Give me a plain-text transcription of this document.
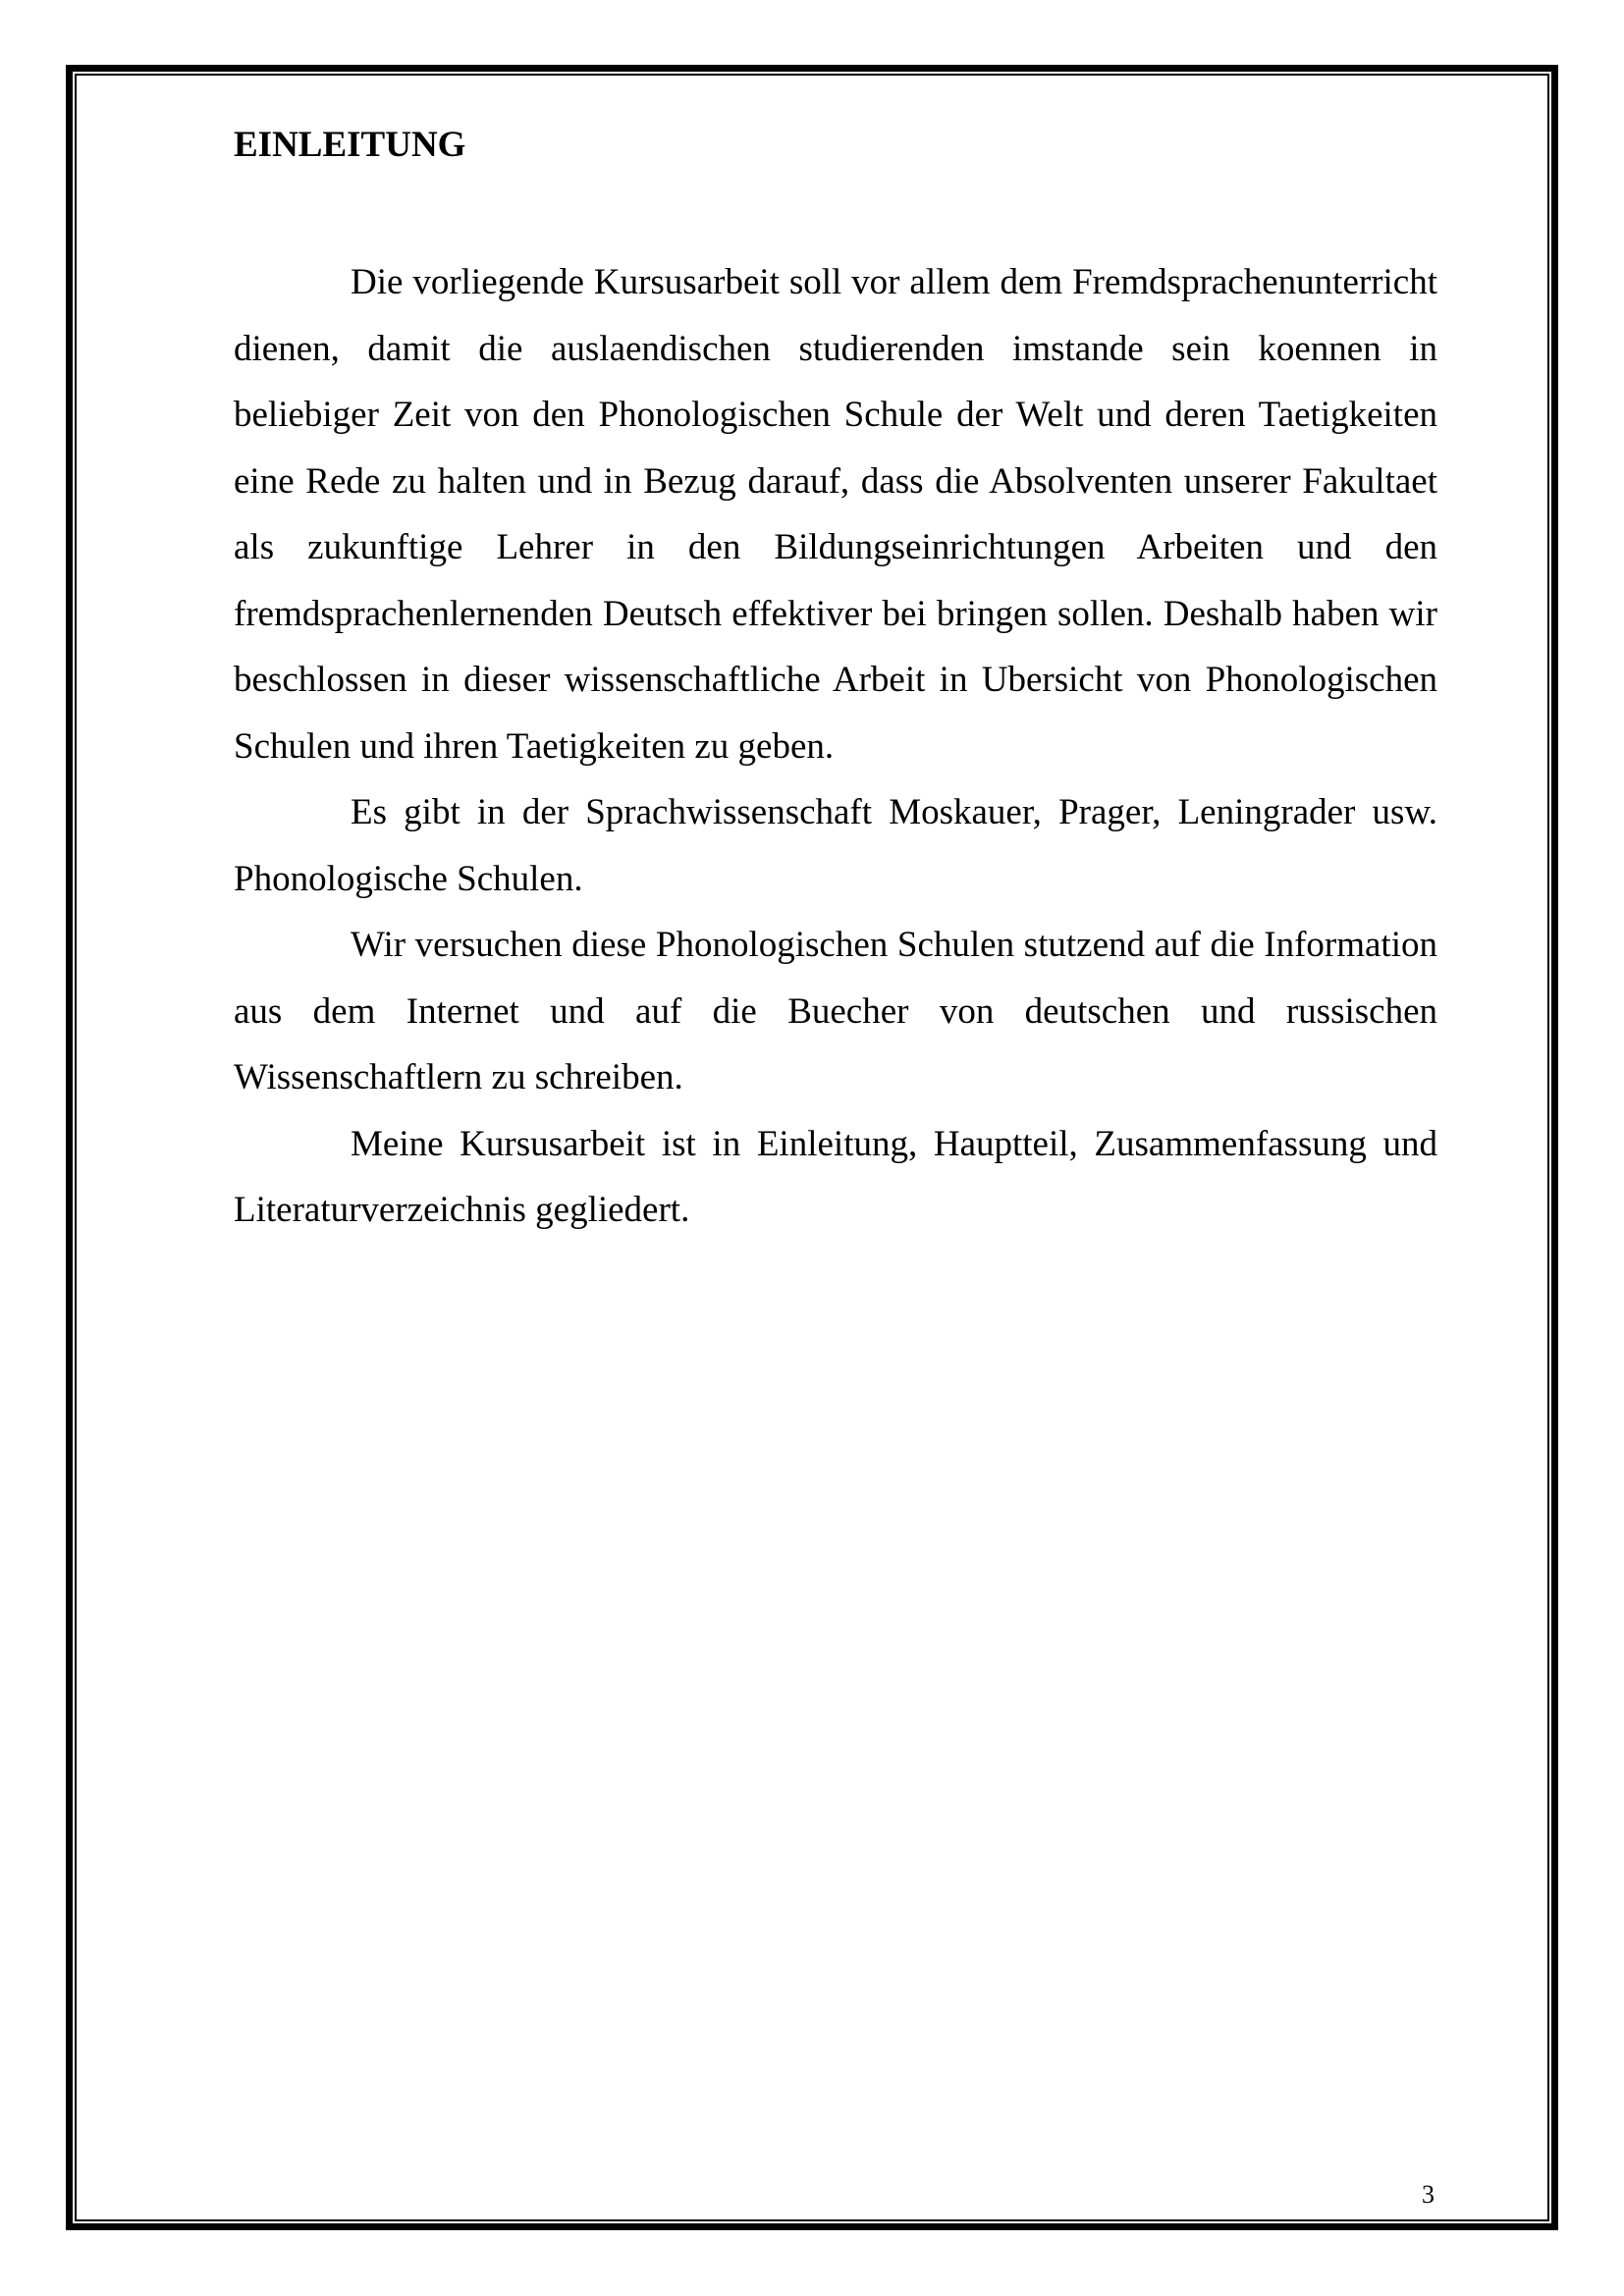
EINLEITUNG

Die vorliegende Kursusarbeit soll vor allem dem Fremdsprachenunterricht dienen, damit die auslaendischen studierenden imstande sein koennen in beliebiger Zeit von den Phonologischen Schule der Welt und deren Taetigkeiten eine Rede zu halten und in Bezug darauf, dass die Absolventen unserer Fakultaet als zukunftige Lehrer in den Bildungseinrichtungen Arbeiten und den fremdsprachenlernenden Deutsch effektiver bei bringen sollen. Deshalb haben wir beschlossen in dieser wissenschaftliche Arbeit in Ubersicht von Phonologischen Schulen und ihren Taetigkeiten zu geben.

Es gibt in der Sprachwissenschaft Moskauer, Prager, Leningrader usw. Phonologische Schulen.

Wir versuchen diese Phonologischen Schulen stutzend auf die Information aus dem Internet und auf die Buecher von deutschen und russischen Wissenschaftlern zu schreiben.

Meine Kursusarbeit ist in Einleitung, Hauptteil, Zusammenfassung und Literaturverzeichnis gegliedert.

3
